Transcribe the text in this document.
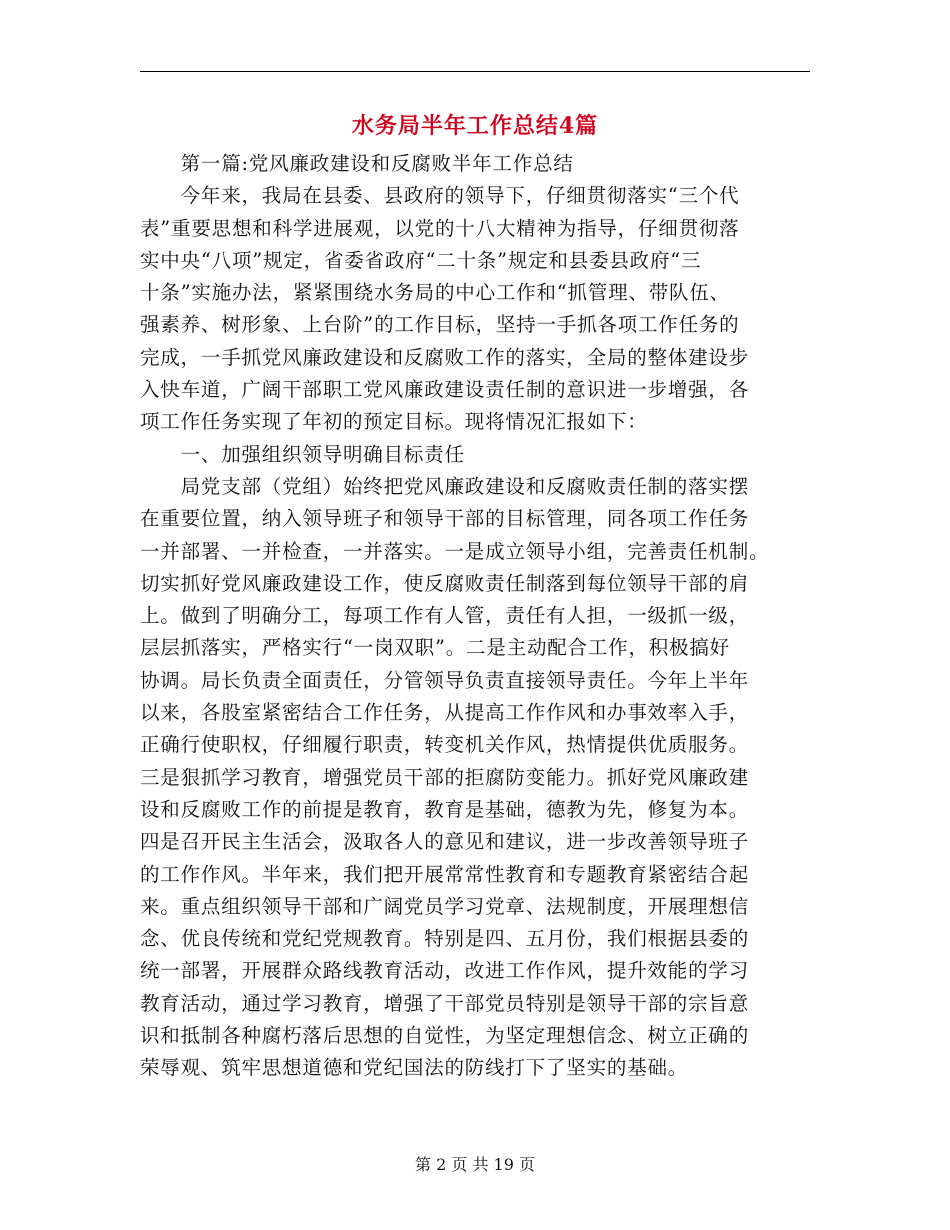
水务局半年工作总结4篇
　　第一篇:党风廉政建设和反腐败半年工作总结
　　今年来，我局在县委、县政府的领导下，仔细贯彻落实“三个代
表”重要思想和科学进展观，以党的十八大精神为指导，仔细贯彻落
实中央“八项”规定，省委省政府“二十条”规定和县委县政府“三
十条”实施办法，紧紧围绕水务局的中心工作和“抓管理、带队伍、
强素养、树形象、上台阶”的工作目标，坚持一手抓各项工作任务的
完成，一手抓党风廉政建设和反腐败工作的落实，全局的整体建设步
入快车道，广阔干部职工党风廉政建设责任制的意识进一步增强，各
项工作任务实现了年初的预定目标。现将情况汇报如下：
　　一、加强组织领导明确目标责任
　　局党支部（党组）始终把党风廉政建设和反腐败责任制的落实摆
在重要位置，纳入领导班子和领导干部的目标管理，同各项工作任务
一并部署、一并检查，一并落实。一是成立领导小组，完善责任机制。
切实抓好党风廉政建设工作，使反腐败责任制落到每位领导干部的肩
上。做到了明确分工，每项工作有人管，责任有人担，一级抓一级，
层层抓落实，严格实行“一岗双职”。二是主动配合工作，积极搞好
协调。局长负责全面责任，分管领导负责直接领导责任。今年上半年
以来，各股室紧密结合工作任务，从提高工作作风和办事效率入手，
正确行使职权，仔细履行职责，转变机关作风，热情提供优质服务。
三是狠抓学习教育，增强党员干部的拒腐防变能力。抓好党风廉政建
设和反腐败工作的前提是教育，教育是基础，德教为先，修复为本。
四是召开民主生活会，汲取各人的意见和建议，进一步改善领导班子
的工作作风。半年来，我们把开展常常性教育和专题教育紧密结合起
来。重点组织领导干部和广阔党员学习党章、法规制度，开展理想信
念、优良传统和党纪党规教育。特别是四、五月份，我们根据县委的
统一部署，开展群众路线教育活动，改进工作作风，提升效能的学习
教育活动，通过学习教育，增强了干部党员特别是领导干部的宗旨意
识和抵制各种腐朽落后思想的自觉性，为坚定理想信念、树立正确的
荣辱观、筑牢思想道德和党纪国法的防线打下了坚实的基础。
第 2 页 共 19 页
